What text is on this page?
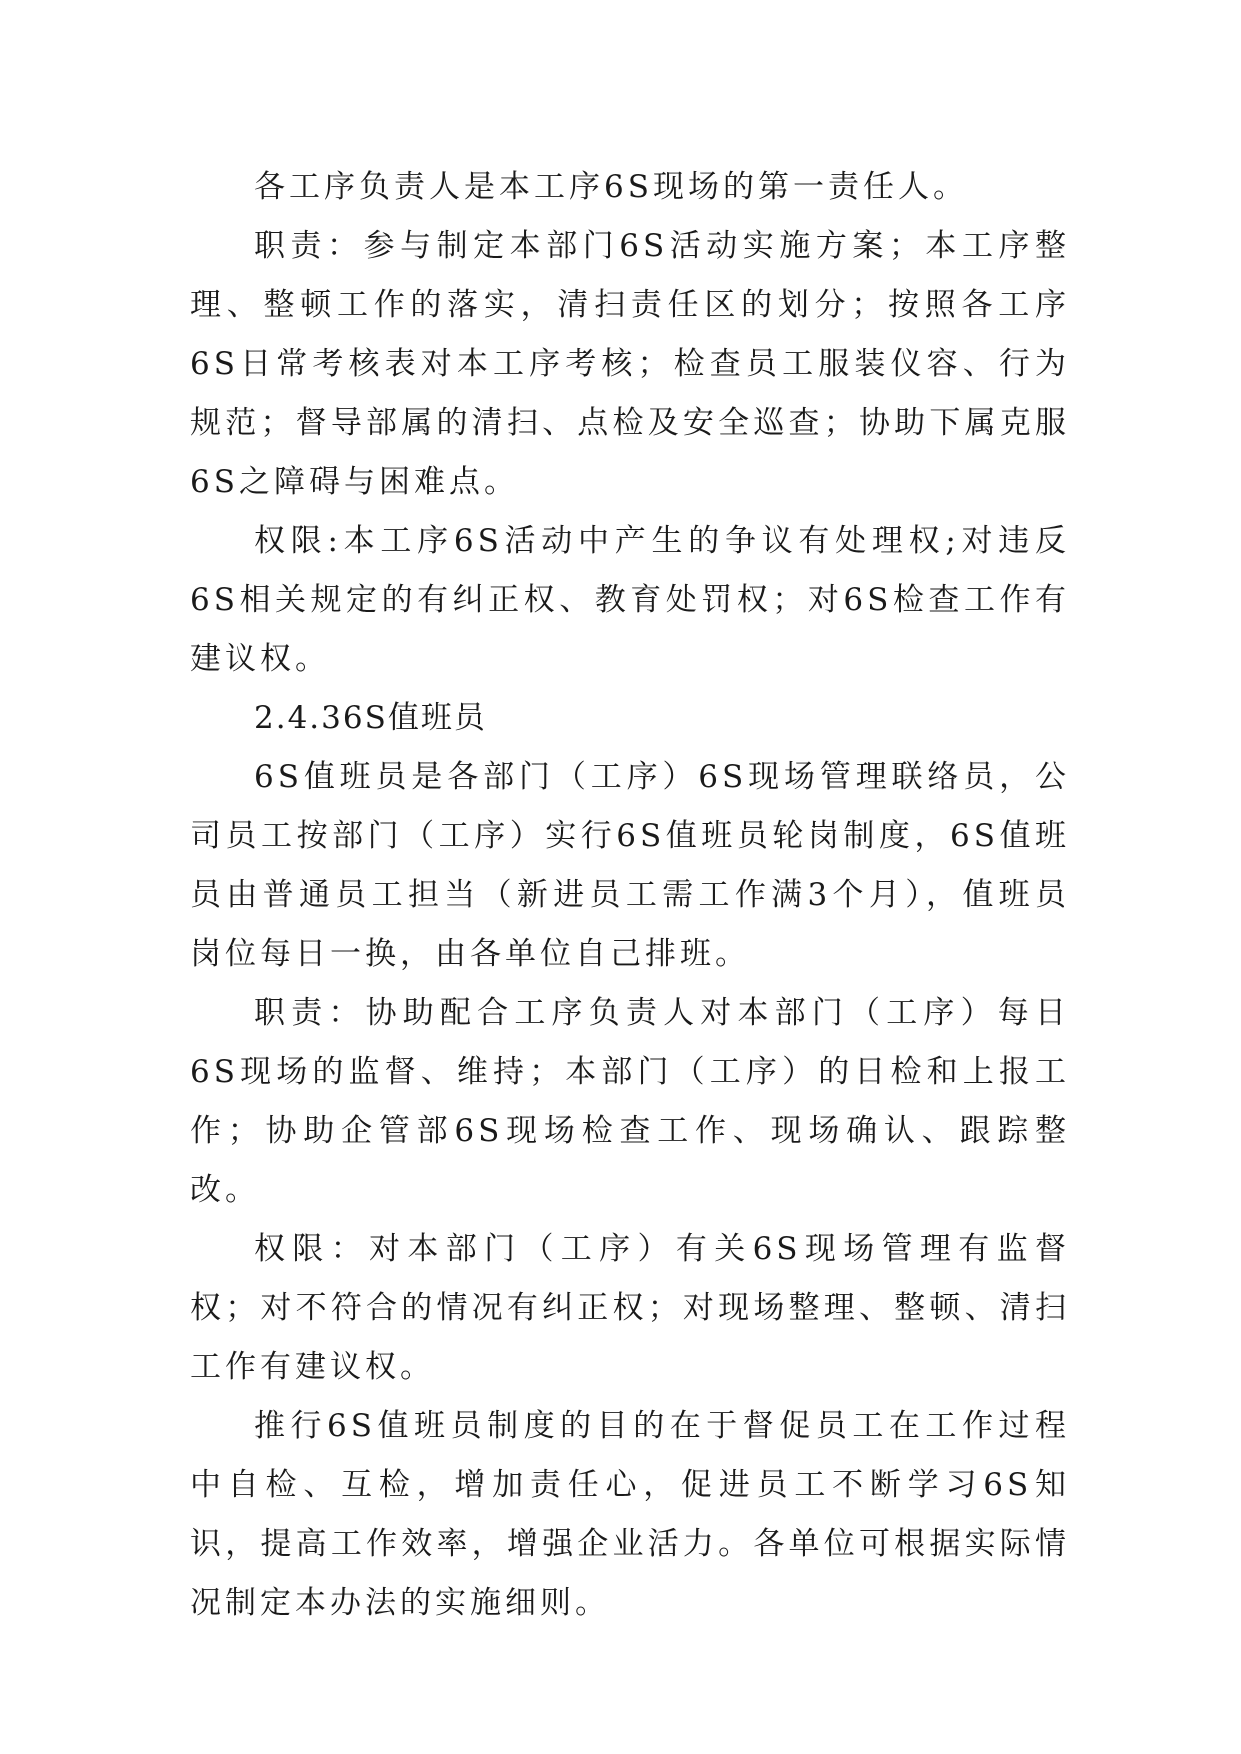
各工序负责人是本工序6S现场的第一责任人。

职责：参与制定本部门6S活动实施方案；本工序整理、整顿工作的落实，清扫责任区的划分；按照各工序6S日常考核表对本工序考核；检查员工服装仪容、行为规范；督导部属的清扫、点检及安全巡查；协助下属克服6S之障碍与困难点。

权限:本工序6S活动中产生的争议有处理权;对违反6S相关规定的有纠正权、教育处罚权；对6S检查工作有建议权。

2.4.36S值班员

6S值班员是各部门（工序）6S现场管理联络员，公司员工按部门（工序）实行6S值班员轮岗制度，6S值班员由普通员工担当（新进员工需工作满3个月），值班员岗位每日一换，由各单位自己排班。

职责：协助配合工序负责人对本部门（工序）每日6S现场的监督、维持；本部门（工序）的日检和上报工作；协助企管部6S现场检查工作、现场确认、跟踪整改。

权限：对本部门（工序）有关6S现场管理有监督权；对不符合的情况有纠正权；对现场整理、整顿、清扫工作有建议权。

推行6S值班员制度的目的在于督促员工在工作过程中自检、互检，增加责任心，促进员工不断学习6S知识，提高工作效率，增强企业活力。各单位可根据实际情况制定本办法的实施细则。
